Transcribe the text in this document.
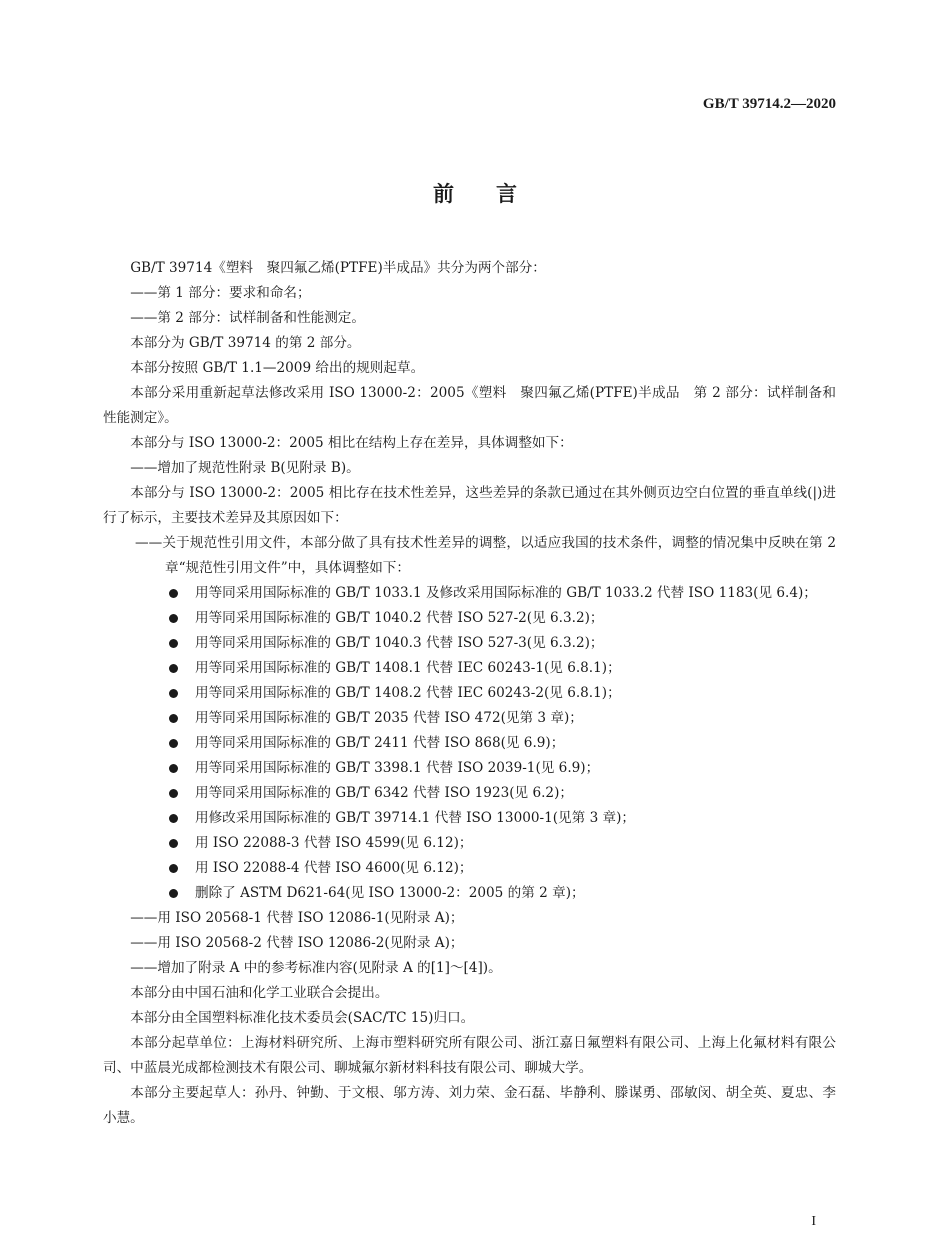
GB/T 39714.2—2020
前言

GB/T 39714《塑料　聚四氟乙烯(PTFE)半成品》共分为两个部分：

——第 1 部分：要求和命名；

——第 2 部分：试样制备和性能测定。

本部分为 GB/T 39714 的第 2 部分。

本部分按照 GB/T 1.1—2009 给出的规则起草。

本部分采用重新起草法修改采用 ISO 13000-2：2005《塑料　聚四氟乙烯(PTFE)半成品　第 2 部分：试样制备和性能测定》。

本部分与 ISO 13000-2：2005 相比在结构上存在差异，具体调整如下：

——增加了规范性附录 B(见附录 B)。

本部分与 ISO 13000-2：2005 相比存在技术性差异，这些差异的条款已通过在其外侧页边空白位置的垂直单线(|)进行了标示，主要技术差异及其原因如下：

——关于规范性引用文件，本部分做了具有技术性差异的调整，以适应我国的技术条件，调整的情况集中反映在第 2 章“规范性引用文件”中，具体调整如下：

用等同采用国际标准的 GB/T 1033.1 及修改采用国际标准的 GB/T 1033.2 代替 ISO 1183(见 6.4)；
用等同采用国际标准的 GB/T 1040.2 代替 ISO 527-2(见 6.3.2)；
用等同采用国际标准的 GB/T 1040.3 代替 ISO 527-3(见 6.3.2)；
用等同采用国际标准的 GB/T 1408.1 代替 IEC 60243-1(见 6.8.1)；
用等同采用国际标准的 GB/T 1408.2 代替 IEC 60243-2(见 6.8.1)；
用等同采用国际标准的 GB/T 2035 代替 ISO 472(见第 3 章)；
用等同采用国际标准的 GB/T 2411 代替 ISO 868(见 6.9)；
用等同采用国际标准的 GB/T 3398.1 代替 ISO 2039-1(见 6.9)；
用等同采用国际标准的 GB/T 6342 代替 ISO 1923(见 6.2)；
用修改采用国际标准的 GB/T 39714.1 代替 ISO 13000-1(见第 3 章)；
用 ISO 22088-3 代替 ISO 4599(见 6.12)；
用 ISO 22088-4 代替 ISO 4600(见 6.12)；
删除了 ASTM D621-64(见 ISO 13000-2：2005 的第 2 章)；

——用 ISO 20568-1 代替 ISO 12086-1(见附录 A)；

——用 ISO 20568-2 代替 ISO 12086-2(见附录 A)；

——增加了附录 A 中的参考标准内容(见附录 A 的[1]～[4])。

本部分由中国石油和化学工业联合会提出。

本部分由全国塑料标准化技术委员会(SAC/TC 15)归口。

本部分起草单位：上海材料研究所、上海市塑料研究所有限公司、浙江嘉日氟塑料有限公司、上海上化氟材料有限公司、中蓝晨光成都检测技术有限公司、聊城氟尔新材料科技有限公司、聊城大学。

本部分主要起草人：孙丹、钟勤、于文根、邬方涛、刘力荣、金石磊、毕静利、滕谋勇、邵敏闵、胡全英、夏忠、李小慧。

I
